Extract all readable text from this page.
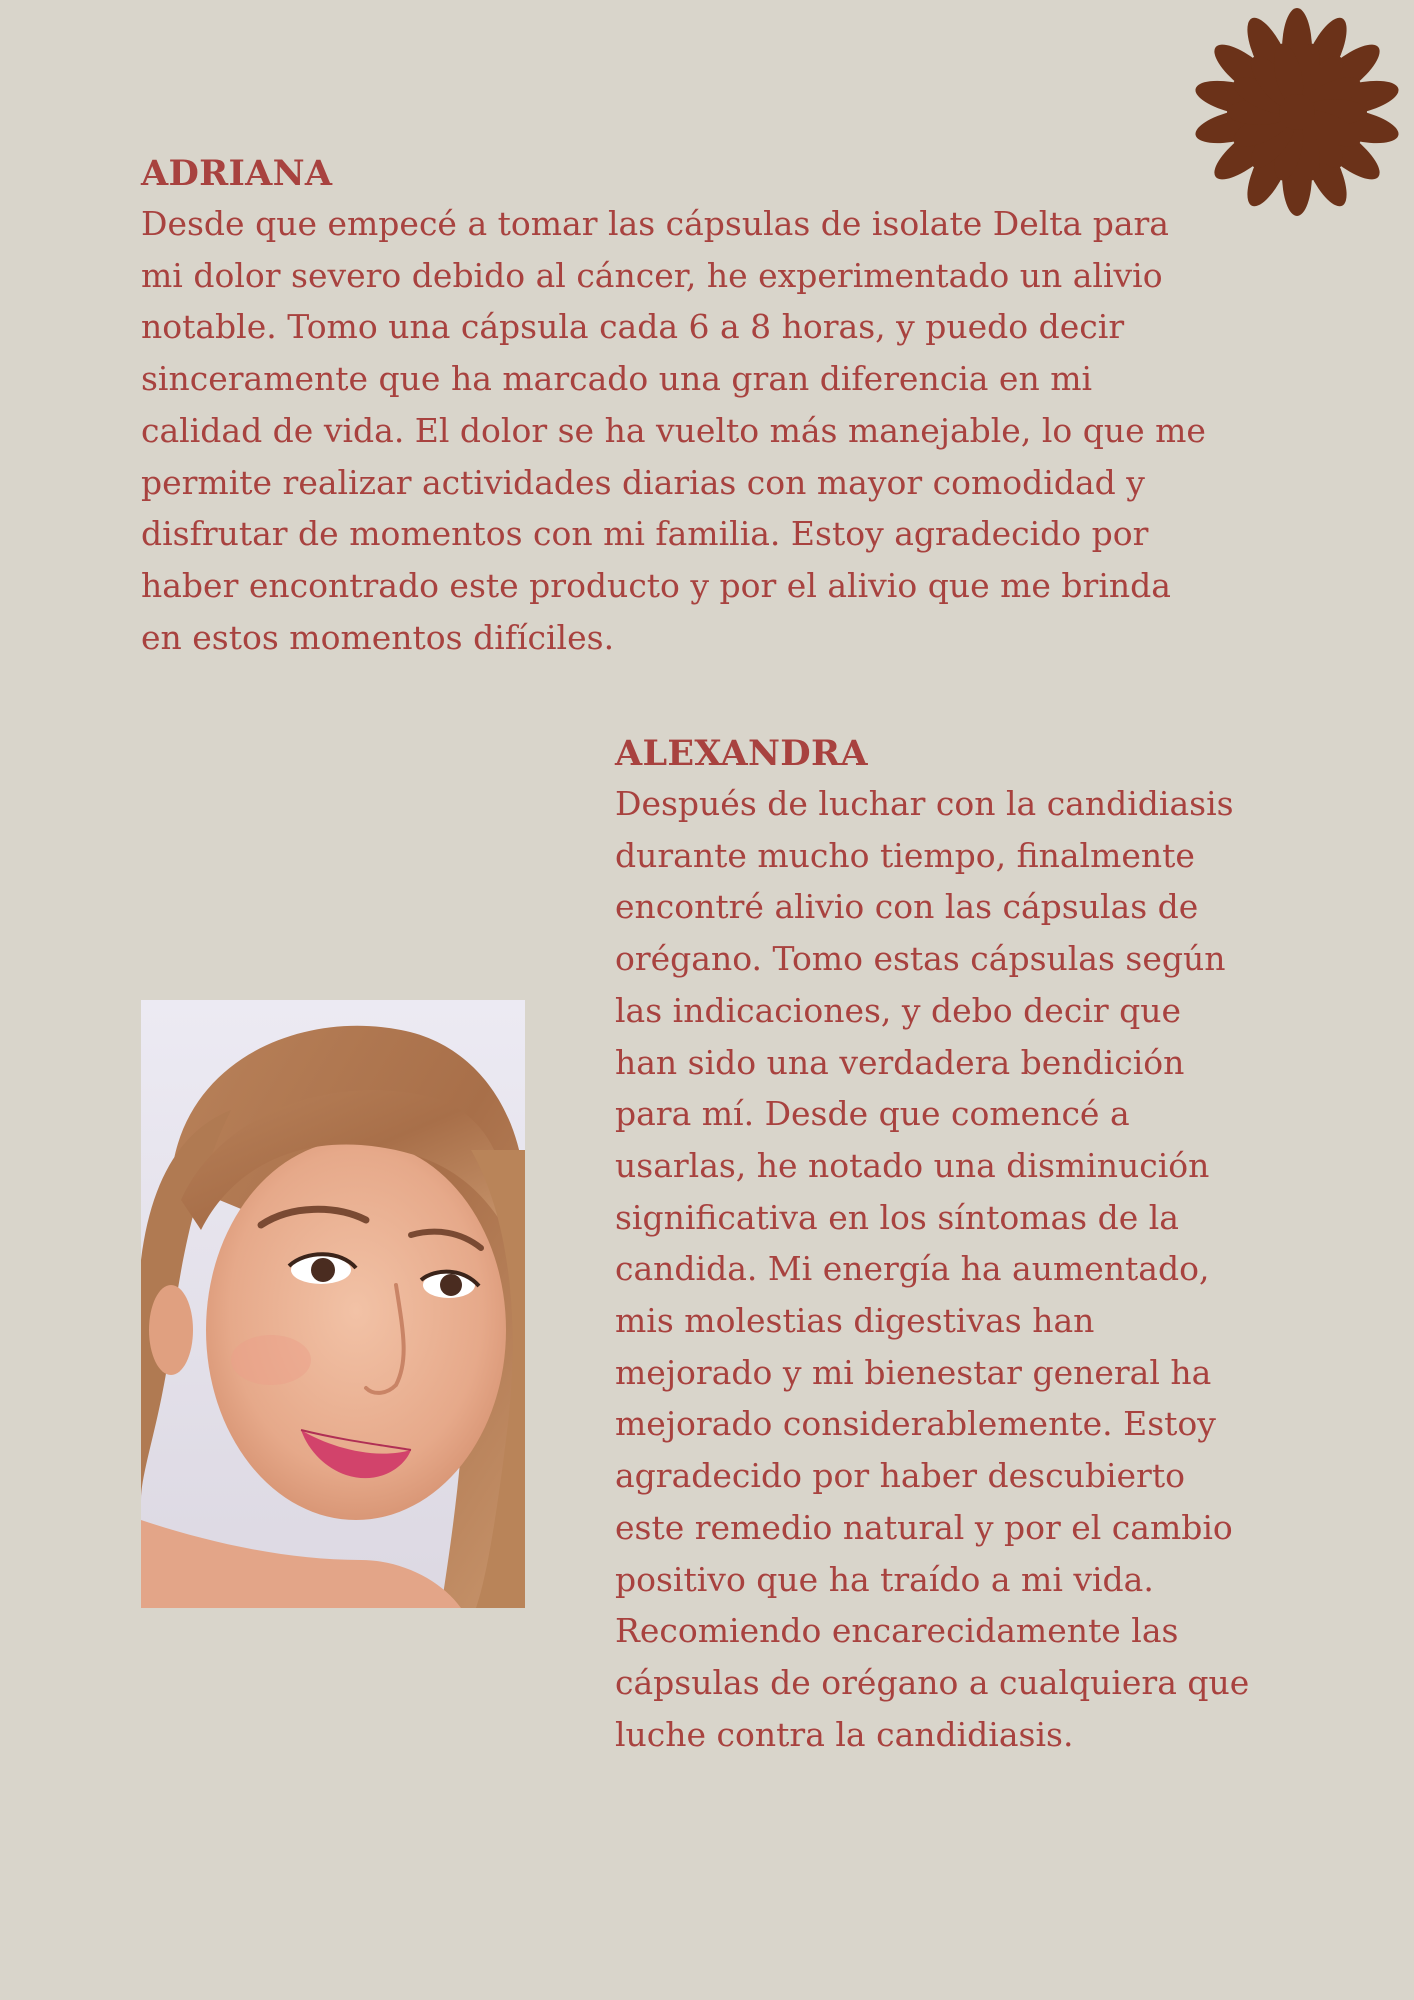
ADRIANA

Desde que empecé a tomar las cápsulas de isolate Delta para
mi dolor severo debido al cáncer, he experimentado un alivio
notable. Tomo una cápsula cada 6 a 8 horas, y puedo decir
sinceramente que ha marcado una gran diferencia en mi
calidad de vida. El dolor se ha vuelto más manejable, lo que me
permite realizar actividades diarias con mayor comodidad y
disfrutar de momentos con mi familia. Estoy agradecido por
haber encontrado este producto y por el alivio que me brinda
en estos momentos difíciles.

ALEXANDRA

Después de luchar con la candidiasis
durante mucho tiempo, finalmente
encontré alivio con las cápsulas de
orégano. Tomo estas cápsulas según
las indicaciones, y debo decir que
han sido una verdadera bendición
para mí. Desde que comencé a
usarlas, he notado una disminución
significativa en los síntomas de la
candida. Mi energía ha aumentado,
mis molestias digestivas han
mejorado y mi bienestar general ha
mejorado considerablemente. Estoy
agradecido por haber descubierto
este remedio natural y por el cambio
positivo que ha traído a mi vida.
Recomiendo encarecidamente las
cápsulas de orégano a cualquiera que
luche contra la candidiasis.
